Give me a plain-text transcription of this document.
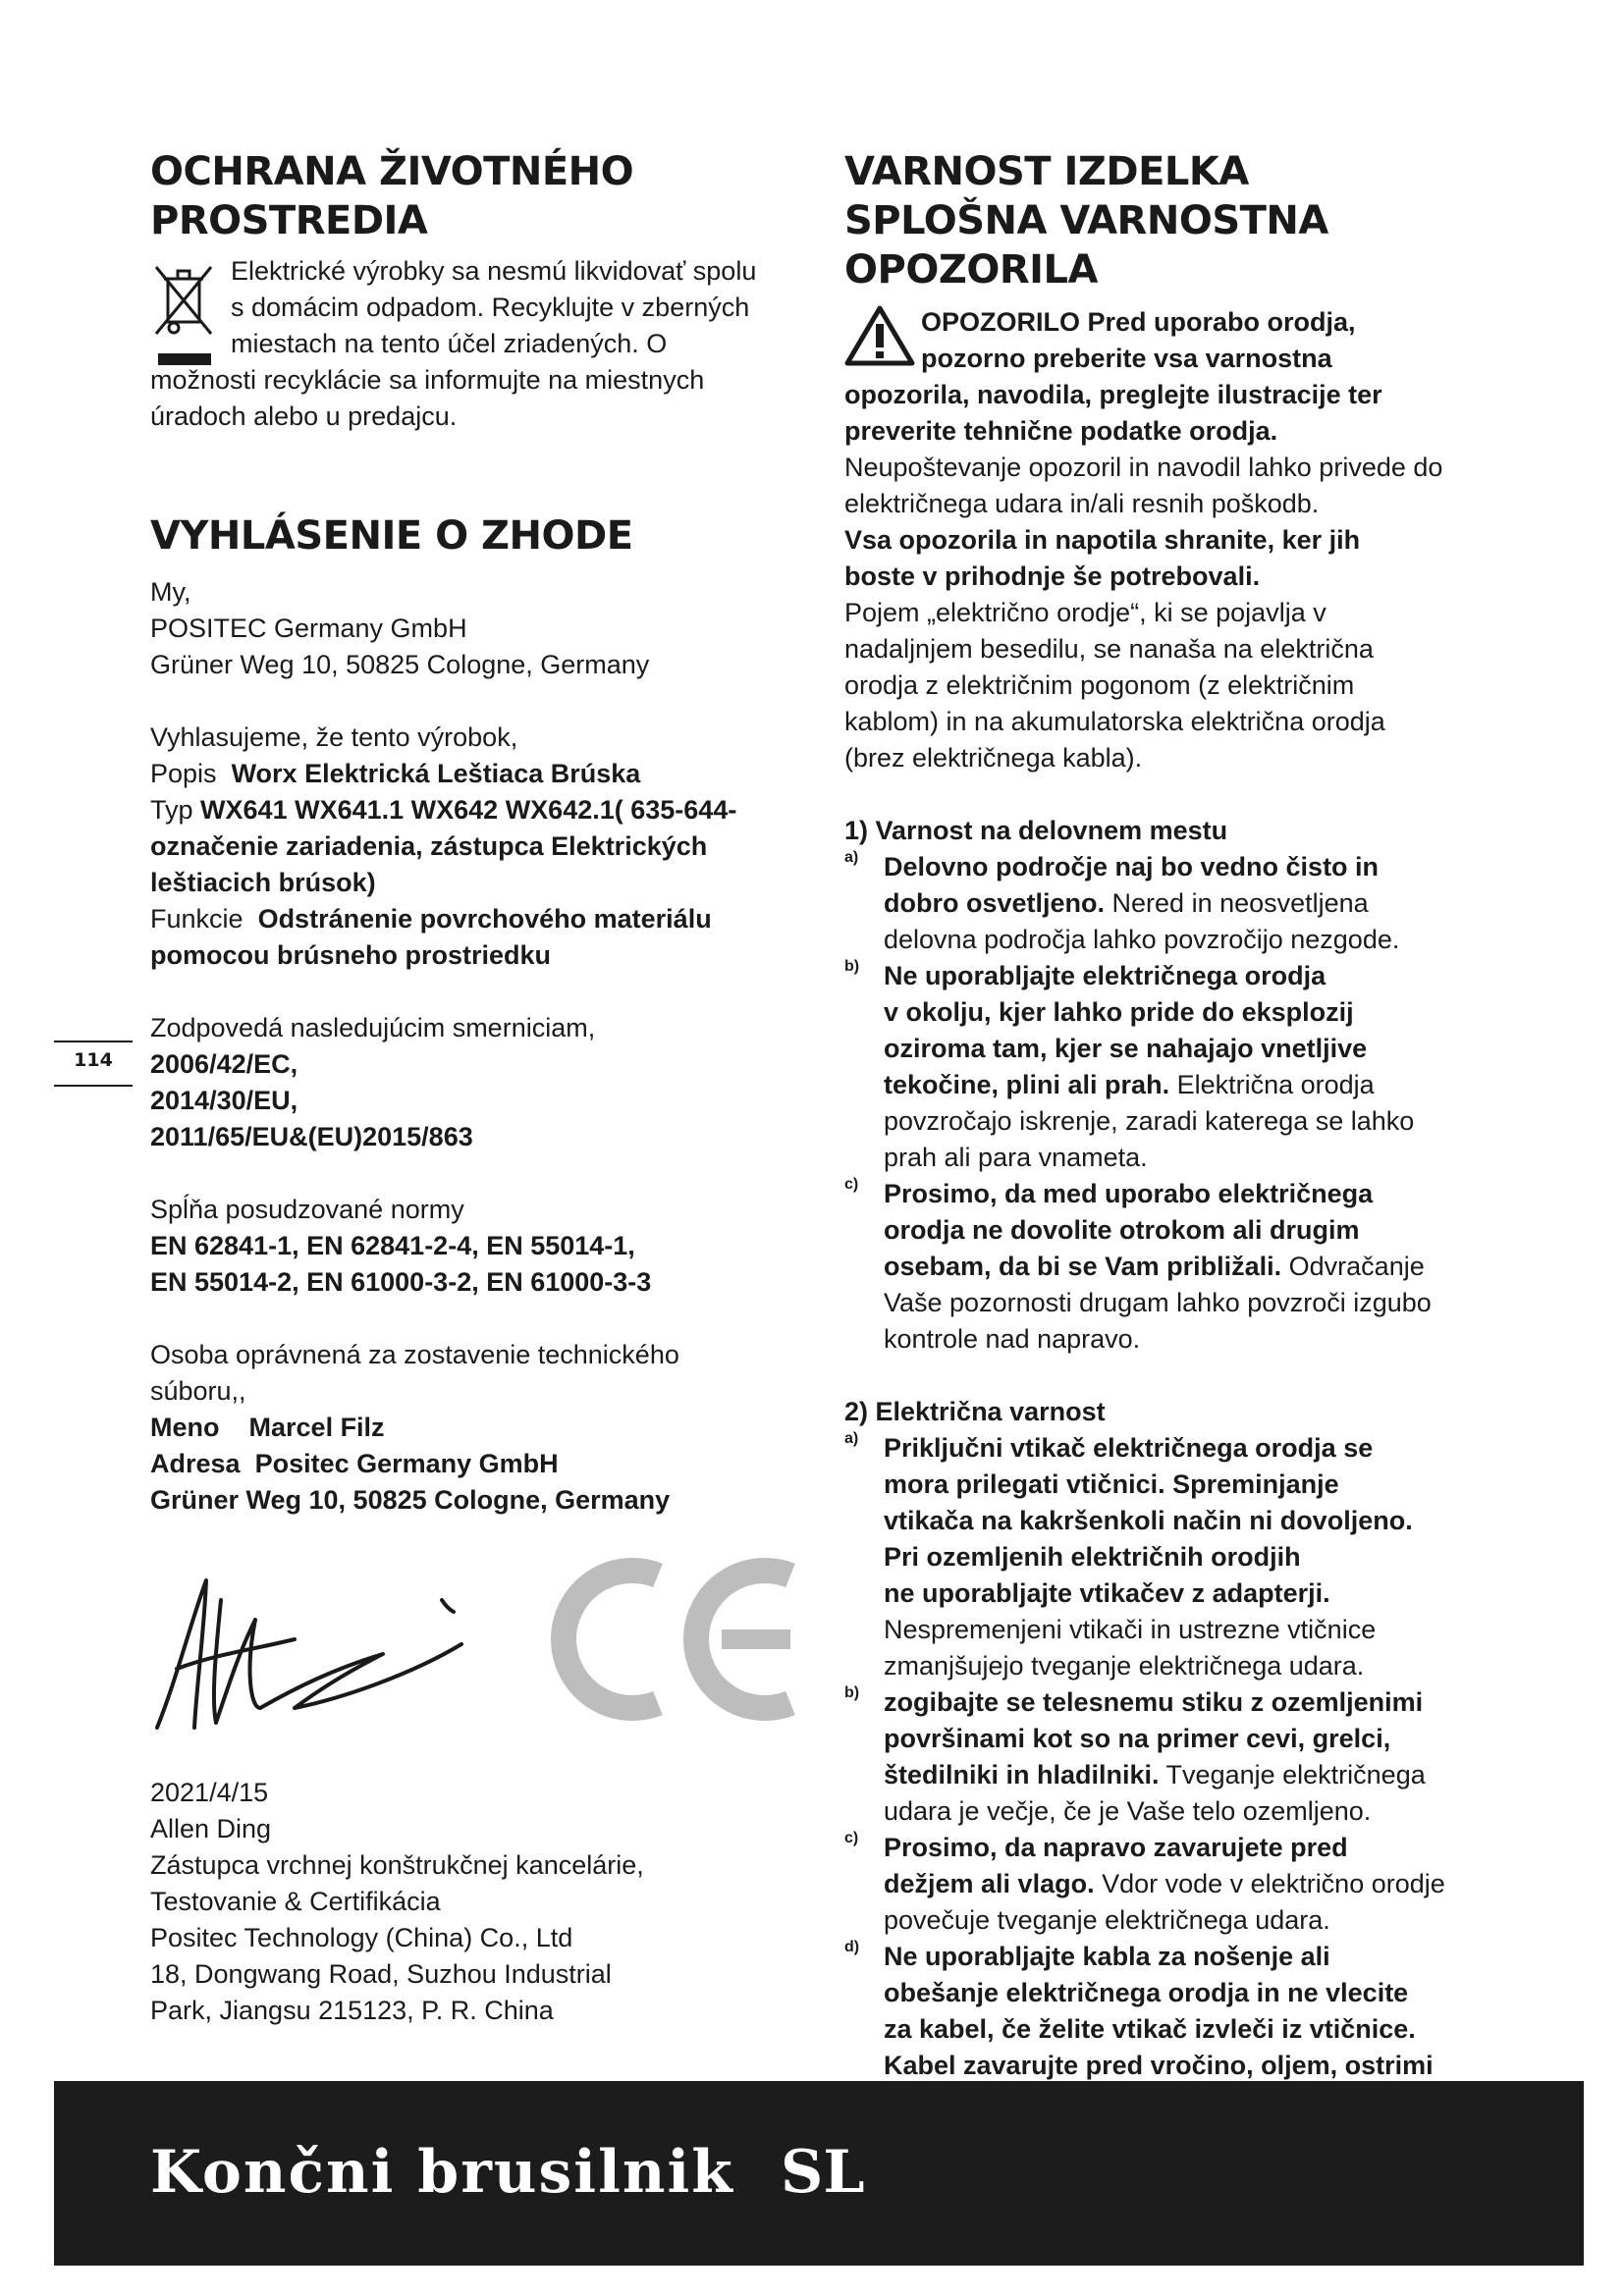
OCHRANA ŽIVOTNÉHO PROSTREDIA

Elektrické výrobky sa nesmú likvidovať spolu

s domácim odpadom. Recyklujte v zberných

miestach na tento účel zriadených. O

možnosti recyklácie sa informujte na miestnych

úradoch alebo u predajcu.

VYHLÁSENIE O ZHODE

My,

POSITEC Germany GmbH

Grüner Weg 10, 50825 Cologne, Germany

Vyhlasujeme, že tento výrobok,

Popis Worx Elektrická Leštiaca Brúska

Typ WX641 WX641.1 WX642 WX642.1( 635-644-

označenie zariadenia, zástupca Elektrických

leštiacich brúsok)

Funkcie Odstránenie povrchového materiálu

pomocou brúsneho prostriedku

Zodpovedá nasledujúcim smerniciam,

2006/42/EC,

2014/30/EU,

2011/65/EU&(EU)2015/863

Spĺňa posudzované normy

EN 62841-1, EN 62841-2-4, EN 55014-1,

EN 55014-2, EN 61000-3-2, EN 61000-3-3

Osoba oprávnená za zostavenie technického

súboru,,

Meno Marcel Filz

Adresa Positec Germany GmbH

Grüner Weg 10, 50825 Cologne, Germany

2021/4/15

Allen Ding

Zástupca vrchnej konštrukčnej kancelárie,

Testovanie & Certifikácia

Positec Technology (China) Co., Ltd

18, Dongwang Road, Suzhou Industrial

Park, Jiangsu 215123, P. R. China

114
VARNOST IZDELKA
SPLOŠNA VARNOSTNA
OPOZORILA

OPOZORILO Pred uporabo orodja,

pozorno preberite vsa varnostna

opozorila, navodila, preglejte ilustracije ter

preverite tehnične podatke orodja.

Neupoštevanje opozoril in navodil lahko privede do

električnega udara in/ali resnih poškodb.

Vsa opozorila in napotila shranite, ker jih

boste v prihodnje še potrebovali.

Pojem „električno orodje“, ki se pojavlja v

nadaljnjem besedilu, se nanaša na električna

orodja z električnim pogonom (z električnim

kablom) in na akumulatorska električna orodja

(brez električnega kabla).

1) Varnost na delovnem mestu

a) Delovno področje naj bo vedno čisto in

dobro osvetljeno. Nered in neosvetljena

delovna področja lahko povzročijo nezgode.

b) Ne uporabljajte električnega orodja

v okolju, kjer lahko pride do eksplozij

oziroma tam, kjer se nahajajo vnetljive

tekočine, plini ali prah. Električna orodja

povzročajo iskrenje, zaradi katerega se lahko

prah ali para vnameta.

c) Prosimo, da med uporabo električnega

orodja ne dovolite otrokom ali drugim

osebam, da bi se Vam približali. Odvračanje

Vaše pozornosti drugam lahko povzroči izgubo

kontrole nad napravo.

2) Električna varnost

a) Priključni vtikač električnega orodja se

mora prilegati vtičnici. Spreminjanje

vtikača na kakršenkoli način ni dovoljeno.

Pri ozemljenih električnih orodjih

ne uporabljajte vtikačev z adapterji.

Nespremenjeni vtikači in ustrezne vtičnice

zmanjšujejo tveganje električnega udara.

b) zogibajte se telesnemu stiku z ozemljenimi

površinami kot so na primer cevi, grelci,

štedilniki in hladilniki. Tveganje električnega

udara je večje, če je Vaše telo ozemljeno.

c) Prosimo, da napravo zavarujete pred

dežjem ali vlago. Vdor vode v električno orodje

povečuje tveganje električnega udara.

d) Ne uporabljajte kabla za nošenje ali

obešanje električnega orodja in ne vlecite

za kabel, če želite vtikač izvleči iz vtičnice.

Kabel zavarujte pred vročino, oljem, ostrimi

Končni brusilnik SL
